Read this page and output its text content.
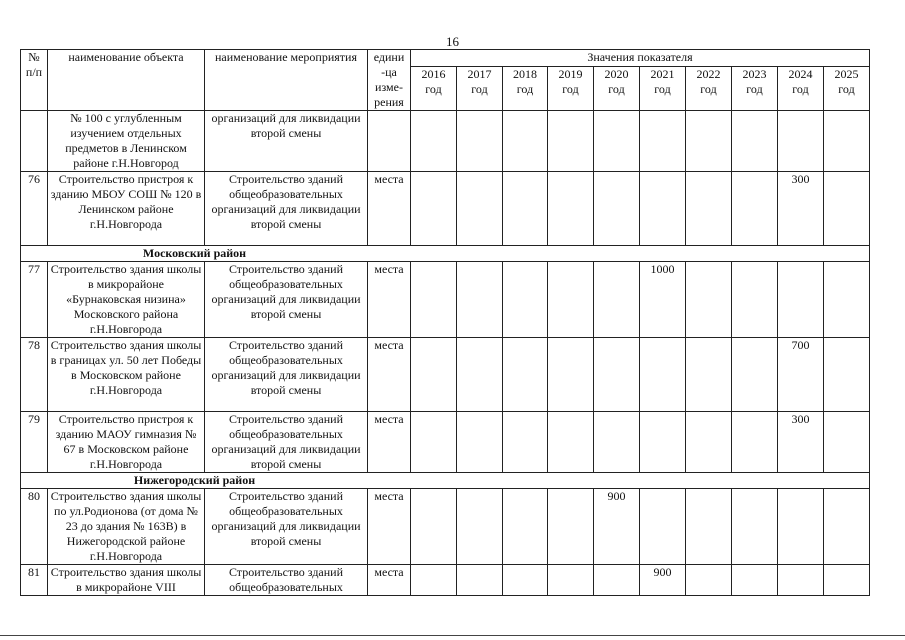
16
№ п/п	наименование объекта	наименование мероприятия	едини -ца изме- рения	Значения показателя									
				2016 год	2017 год	2018 год	2019 год	2020 год	2021 год	2022 год	2023 год	2024 год	2025 год
	№ 100 с углубленным изучением отдельных предметов в Ленинском районе г.Н.Новгород	организаций для ликвидации второй смены											
76	Строительство пристроя к зданию МБОУ СОШ № 120 в Ленинском районе г.Н.Новгорода	Строительство зданий общеобразовательных организаций для ликвидации второй смены	места									300	
Московский район													
77	Строительство здания школы в микрорайоне «Бурнаковская низина» Московского района г.Н.Новгорода	Строительство зданий общеобразовательных организаций для ликвидации второй смены	места						1000				
78	Строительство здания школы в границах ул. 50 лет Победы в Московском районе г.Н.Новгорода	Строительство зданий общеобразовательных организаций для ликвидации второй смены	места									700	
79	Строительство пристроя к зданию МАОУ гимназия № 67 в Московском районе г.Н.Новгорода	Строительство зданий общеобразовательных организаций для ликвидации второй смены	места									300	
Нижегородский район													
80	Строительство здания школы по ул.Родионова (от дома № 23 до здания № 163В) в Нижегородской районе г.Н.Новгорода	Строительство зданий общеобразовательных организаций для ликвидации второй смены	места					900					
81	Строительство здания школы в микрорайоне VIII	Строительство зданий общеобразовательных	места						900				
